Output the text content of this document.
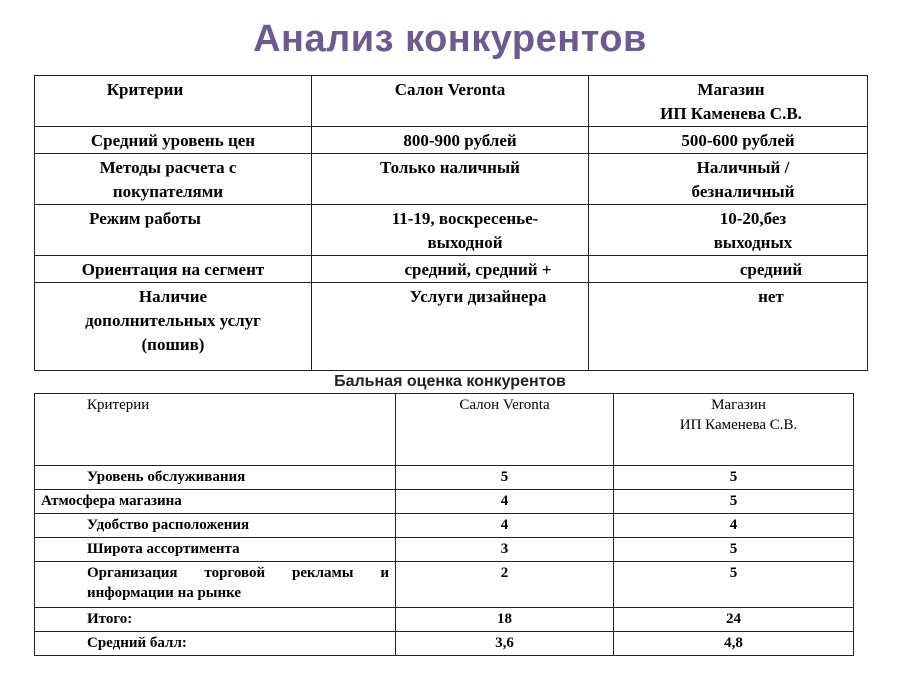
Анализ конкурентов
Критерии	Салон Veronta	Магазин
ИП Каменева С.В.
Средний уровень цен	800-900 рублей	500-600 рублей
Методы расчета с покупателями	Только наличный	Наличный /безналичный
Режим работы	11-19, воскресенье- выходной	10-20,без выходных
Ориентация на сегмент	средний, средний +	средний
Наличие дополнительных услуг (пошив)	Услуги дизайнера	нет
Бальная оценка конкурентов
Критерии	Салон Veronta	Магазин
ИП Каменева С.В.
Уровень обслуживания	5	5
Атмосфера магазина	4	5
Удобство расположения	4	4
Широта ассортимента	3	5
Организация торговой рекламы и информации на рынке	2	5
Итого:	18	24
Средний балл:	3,6	4,8
